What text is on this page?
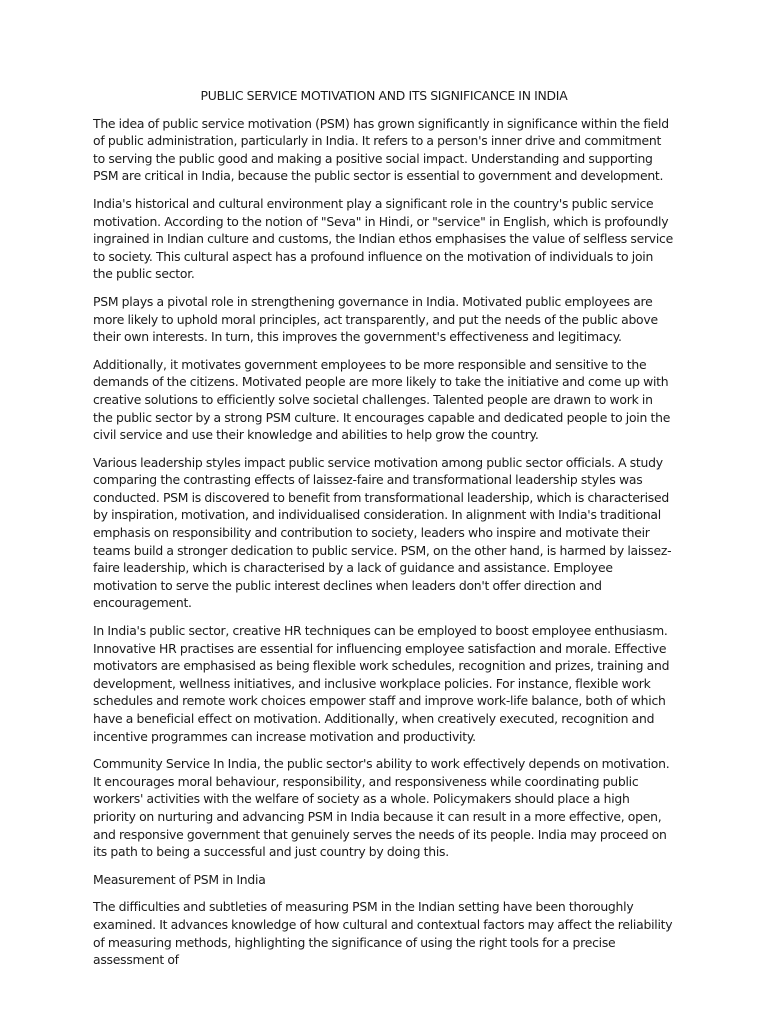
PUBLIC SERVICE MOTIVATION AND ITS SIGNIFICANCE IN INDIA

The idea of public service motivation (PSM) has grown significantly in significance within the field of public administration, particularly in India. It refers to a person's inner drive and commitment to serving the public good and making a positive social impact. Understanding and supporting PSM are critical in India, because the public sector is essential to government and development.

India's historical and cultural environment play a significant role in the country's public service motivation. According to the notion of "Seva" in Hindi, or "service" in English, which is profoundly ingrained in Indian culture and customs, the Indian ethos emphasises the value of selfless service to society. This cultural aspect has a profound influence on the motivation of individuals to join the public sector.

PSM plays a pivotal role in strengthening governance in India. Motivated public employees are more likely to uphold moral principles, act transparently, and put the needs of the public above their own interests. In turn, this improves the government's effectiveness and legitimacy.

Additionally, it motivates government employees to be more responsible and sensitive to the demands of the citizens. Motivated people are more likely to take the initiative and come up with creative solutions to efficiently solve societal challenges. Talented people are drawn to work in the public sector by a strong PSM culture. It encourages capable and dedicated people to join the civil service and use their knowledge and abilities to help grow the country.

Various leadership styles impact public service motivation among public sector officials. A study comparing the contrasting effects of laissez-faire and transformational leadership styles was conducted. PSM is discovered to benefit from transformational leadership, which is characterised by inspiration, motivation, and individualised consideration. In alignment with India's traditional emphasis on responsibility and contribution to society, leaders who inspire and motivate their teams build a stronger dedication to public service. PSM, on the other hand, is harmed by laissez-faire leadership, which is characterised by a lack of guidance and assistance. Employee motivation to serve the public interest declines when leaders don't offer direction and encouragement.

In India's public sector, creative HR techniques can be employed to boost employee enthusiasm. Innovative HR practises are essential for influencing employee satisfaction and morale. Effective motivators are emphasised as being flexible work schedules, recognition and prizes, training and development, wellness initiatives, and inclusive workplace policies. For instance, flexible work schedules and remote work choices empower staff and improve work-life balance, both of which have a beneficial effect on motivation. Additionally, when creatively executed, recognition and incentive programmes can increase motivation and productivity.

Community Service In India, the public sector's ability to work effectively depends on motivation. It encourages moral behaviour, responsibility, and responsiveness while coordinating public workers' activities with the welfare of society as a whole. Policymakers should place a high priority on nurturing and advancing PSM in India because it can result in a more effective, open, and responsive government that genuinely serves the needs of its people. India may proceed on its path to being a successful and just country by doing this.

Measurement of PSM in India

The difficulties and subtleties of measuring PSM in the Indian setting have been thoroughly examined. It advances knowledge of how cultural and contextual factors may affect the reliability of measuring methods, highlighting the significance of using the right tools for a precise assessment of
